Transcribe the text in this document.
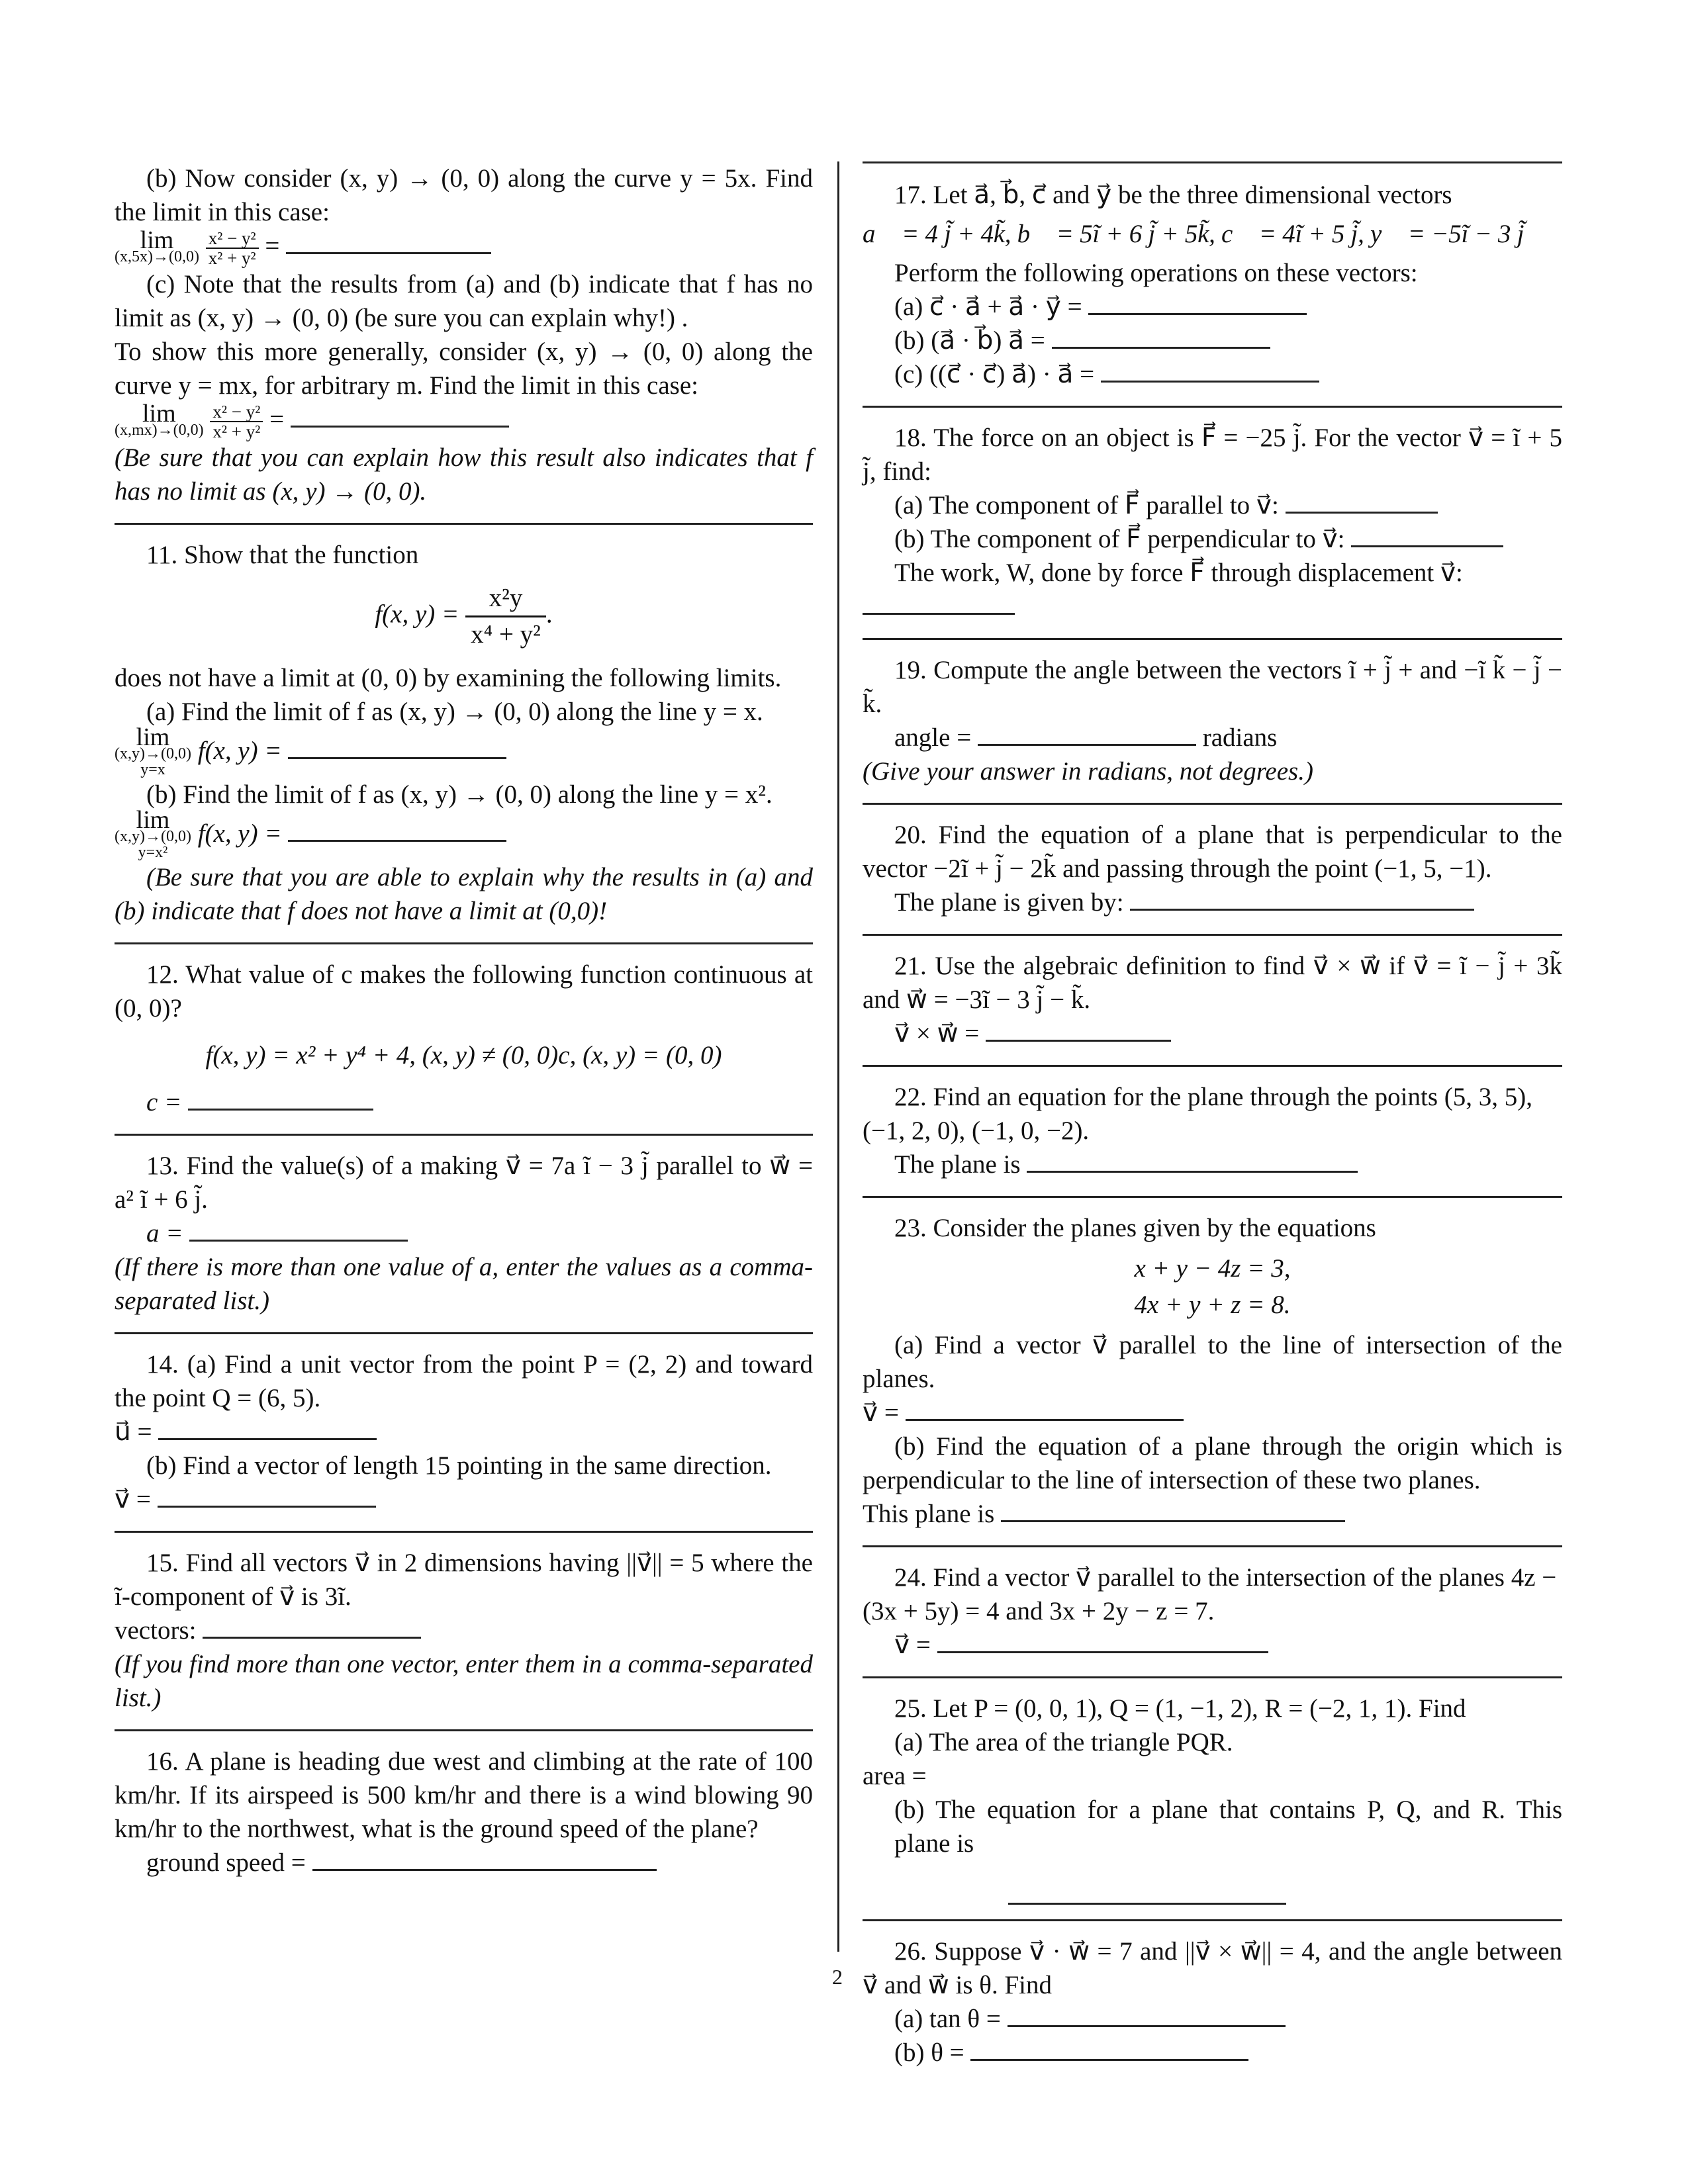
(b) Now consider (x, y) → (0, 0) along the curve y = 5x. Find the limit in this case:

lim
(x,5x)→(0,0)
$\frac{\text{x² − y²}}{\text{x² + y²}}$ =

(c) Note that the results from (a) and (b) indicate that f has no limit as (x, y) → (0, 0) (be sure you can explain why!) .

To show this more generally, consider (x, y) → (0, 0) along the curve y = mx, for arbitrary m. Find the limit in this case:

lim
(x,mx)→(0,0)
$\frac{\text{x² − y²}}{\text{x² + y²}}$ =

(Be sure that you can explain how this result also indicates that f has no limit as (x, y) → (0, 0).

11. Show that the function

f(x, $y) = \frac{\text{x²y}}{\text{x⁴ + y²}}$ .

does not have a limit at (0, 0) by examining the following limits.

(a) Find the limit of f as (x, y) → (0, 0) along the line y = x.

lim
(x,y)→(0,0)
y=x
f(x, y) =

(b) Find the limit of f as (x, y) → (0, 0) along the line y = x².

lim
(x,y)→(0,0)
y=x²
f(x, y) =

(Be sure that you are able to explain why the results in (a) and (b) indicate that f does not have a limit at (0,0)!

12. What value of c makes the following function continuous at (0, 0)?

f(x, y) = x² + y⁴ + 4, (x, y) ≠ (0, 0)c, (x, y) = (0, 0)

c =

13. Find the value(s) of a making v⃗ = 7a ĩ − 3 j̃ parallel to w⃗ = a² ĩ + 6 j̃.

a =

(If there is more than one value of a, enter the values as a comma-separated list.)

14. (a) Find a unit vector from the point P = (2, 2) and toward the point Q = (6, 5).

u⃗ =

(b) Find a vector of length 15 pointing in the same direction.

v⃗ =

15. Find all vectors v⃗ in 2 dimensions having ||v⃗|| = 5 where the ĩ-component of v⃗ is 3ĩ.

vectors:

(If you find more than one vector, enter them in a comma-separated list.)

16. A plane is heading due west and climbing at the rate of 100 km/hr. If its airspeed is 500 km/hr and there is a wind blowing 90 km/hr to the northwest, what is the ground speed of the plane?

ground speed =

17. Let a⃗, b⃗, c⃗ and y⃗ be the three dimensional vectors

a⃗ = 4 j̃ + 4k̃, b⃗ = 5ĩ + 6 j̃ + 5k̃, c⃗ = 4ĩ + 5 j̃, y⃗ = −5ĩ − 3 j̃

Perform the following operations on these vectors:

(a) c⃗ · a⃗ + a⃗ · y⃗ =

(b) (a⃗ · b⃗) a⃗ =

(c) ((c⃗ · c⃗) a⃗) · a⃗ =

18. The force on an object is F⃗ = −25 j̃. For the vector v⃗ = ĩ + 5 j̃, find:

(a) The component of F⃗ parallel to v⃗:

(b) The component of F⃗ perpendicular to v⃗:

The work, W, done by force F⃗ through displacement v⃗:

19. Compute the angle between the vectors ĩ + j̃ + and −ĩ k̃ − j̃ − k̃.

angle =	radians

(Give your answer in radians, not degrees.)

20. Find the equation of a plane that is perpendicular to the vector −2ĩ + j̃ − 2k̃ and passing through the point (−1, 5, −1).

The plane is given by:

21. Use the algebraic definition to find v⃗ × w⃗ if v⃗ = ĩ − j̃ + 3k̃ and w⃗ = −3ĩ − 3 j̃ − k̃.

v⃗ × w⃗ =

22. Find an equation for the plane through the points (5, 3, 5), (−1, 2, 0), (−1, 0, −2).

The plane is

23. Consider the planes given by the equations

x + y − 4z = 3,

4x + y + z = 8.

(a) Find a vector v⃗ parallel to the line of intersection of the planes.

v⃗ =

(b) Find the equation of a plane through the origin which is perpendicular to the line of intersection of these two planes.

This plane is

24. Find a vector v⃗ parallel to the intersection of the planes 4z − (3x + 5y) = 4 and 3x + 2y − z = 7.

v⃗ =

25. Let P = (0, 0, 1), Q = (1, −1, 2), R = (−2, 1, 1). Find

(a) The area of the triangle PQR.

area =

(b) The equation for a plane that contains P, Q, and R. This plane is

26. Suppose v⃗ · w⃗ = 7 and ||v⃗ × w⃗|| = 4, and the angle between v⃗ and w⃗ is θ. Find

(a) tan θ =

(b) θ =

2
